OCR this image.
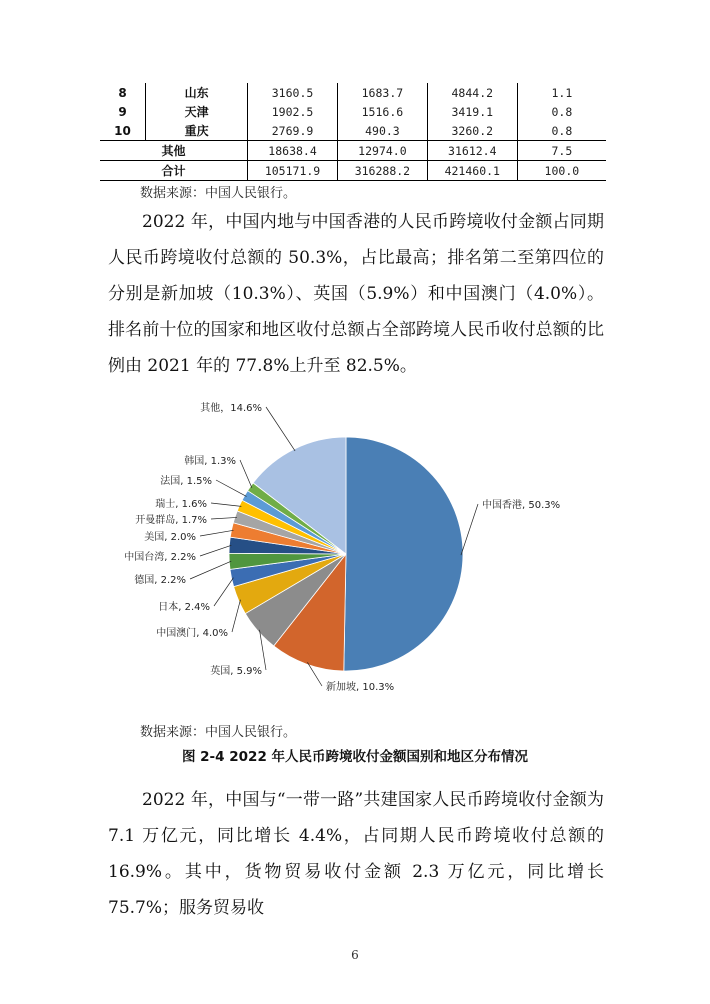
8	山东	3160.5	1683.7	4844.2	1.1
9	天津	1902.5	1516.6	3419.1	0.8
10	重庆	2769.9	490.3	3260.2	0.8
其他		18638.4	12974.0	31612.4	7.5
合计		105171.9	316288.2	421460.1	100.0
数据来源：中国人民银行。

2022 年，中国内地与中国香港的人民币跨境收付金额占同期人民币跨境收付总额的 50.3%，占比最高；排名第二至第四位的分别是新加坡（10.3%）、英国（5.9%）和中国澳门（4.0%）。排名前十位的国家和地区收付总额占全部跨境人民币收付总额的比例由 2021 年的 77.8%上升至 82.5%。

中国香港, 50.3%
新加坡, 10.3%
英国, 5.9%
中国澳门, 4.0%
日本, 2.4%
德国, 2.2%
中国台湾, 2.2%
美国, 2.0%
开曼群岛, 1.7%
瑞士, 1.6%
法国, 1.5%
韩国, 1.3%
其他，14.6%
数据来源：中国人民银行。
图 2-4 2022 年人民币跨境收付金额国别和地区分布情况

2022 年，中国与“一带一路”共建国家人民币跨境收付金额为 7.1 万亿元，同比增长 4.4%，占同期人民币跨境收付总额的 16.9%。其中，货物贸易收付金额 2.3 万亿元，同比增长 75.7%；服务贸易收

6
